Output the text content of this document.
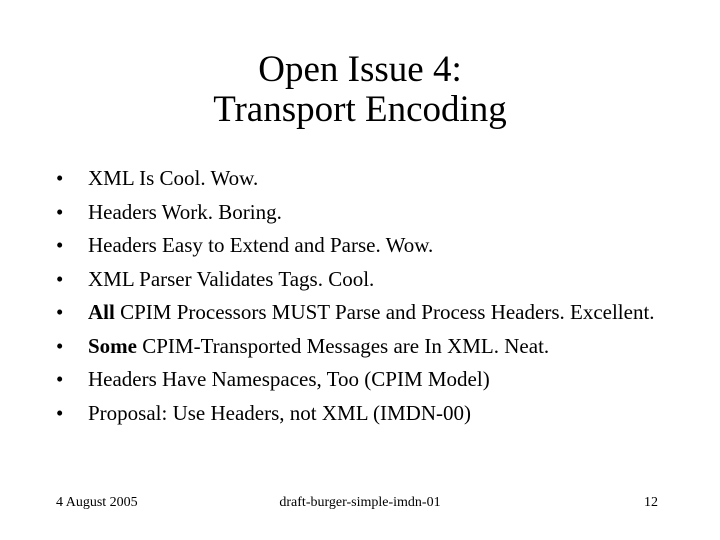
Open Issue 4:
Transport Encoding
•	XML Is Cool. Wow.
•	Headers Work. Boring.
•	Headers Easy to Extend and Parse. Wow.
•	XML Parser Validates Tags. Cool.
•	All CPIM Processors MUST Parse and Process Headers. Excellent.
•	Some CPIM-Transported Messages are In XML. Neat.
•	Headers Have Namespaces, Too (CPIM Model)
•	Proposal: Use Headers, not XML (IMDN-00)
4 August 2005	draft-burger-simple-imdn-01	12
